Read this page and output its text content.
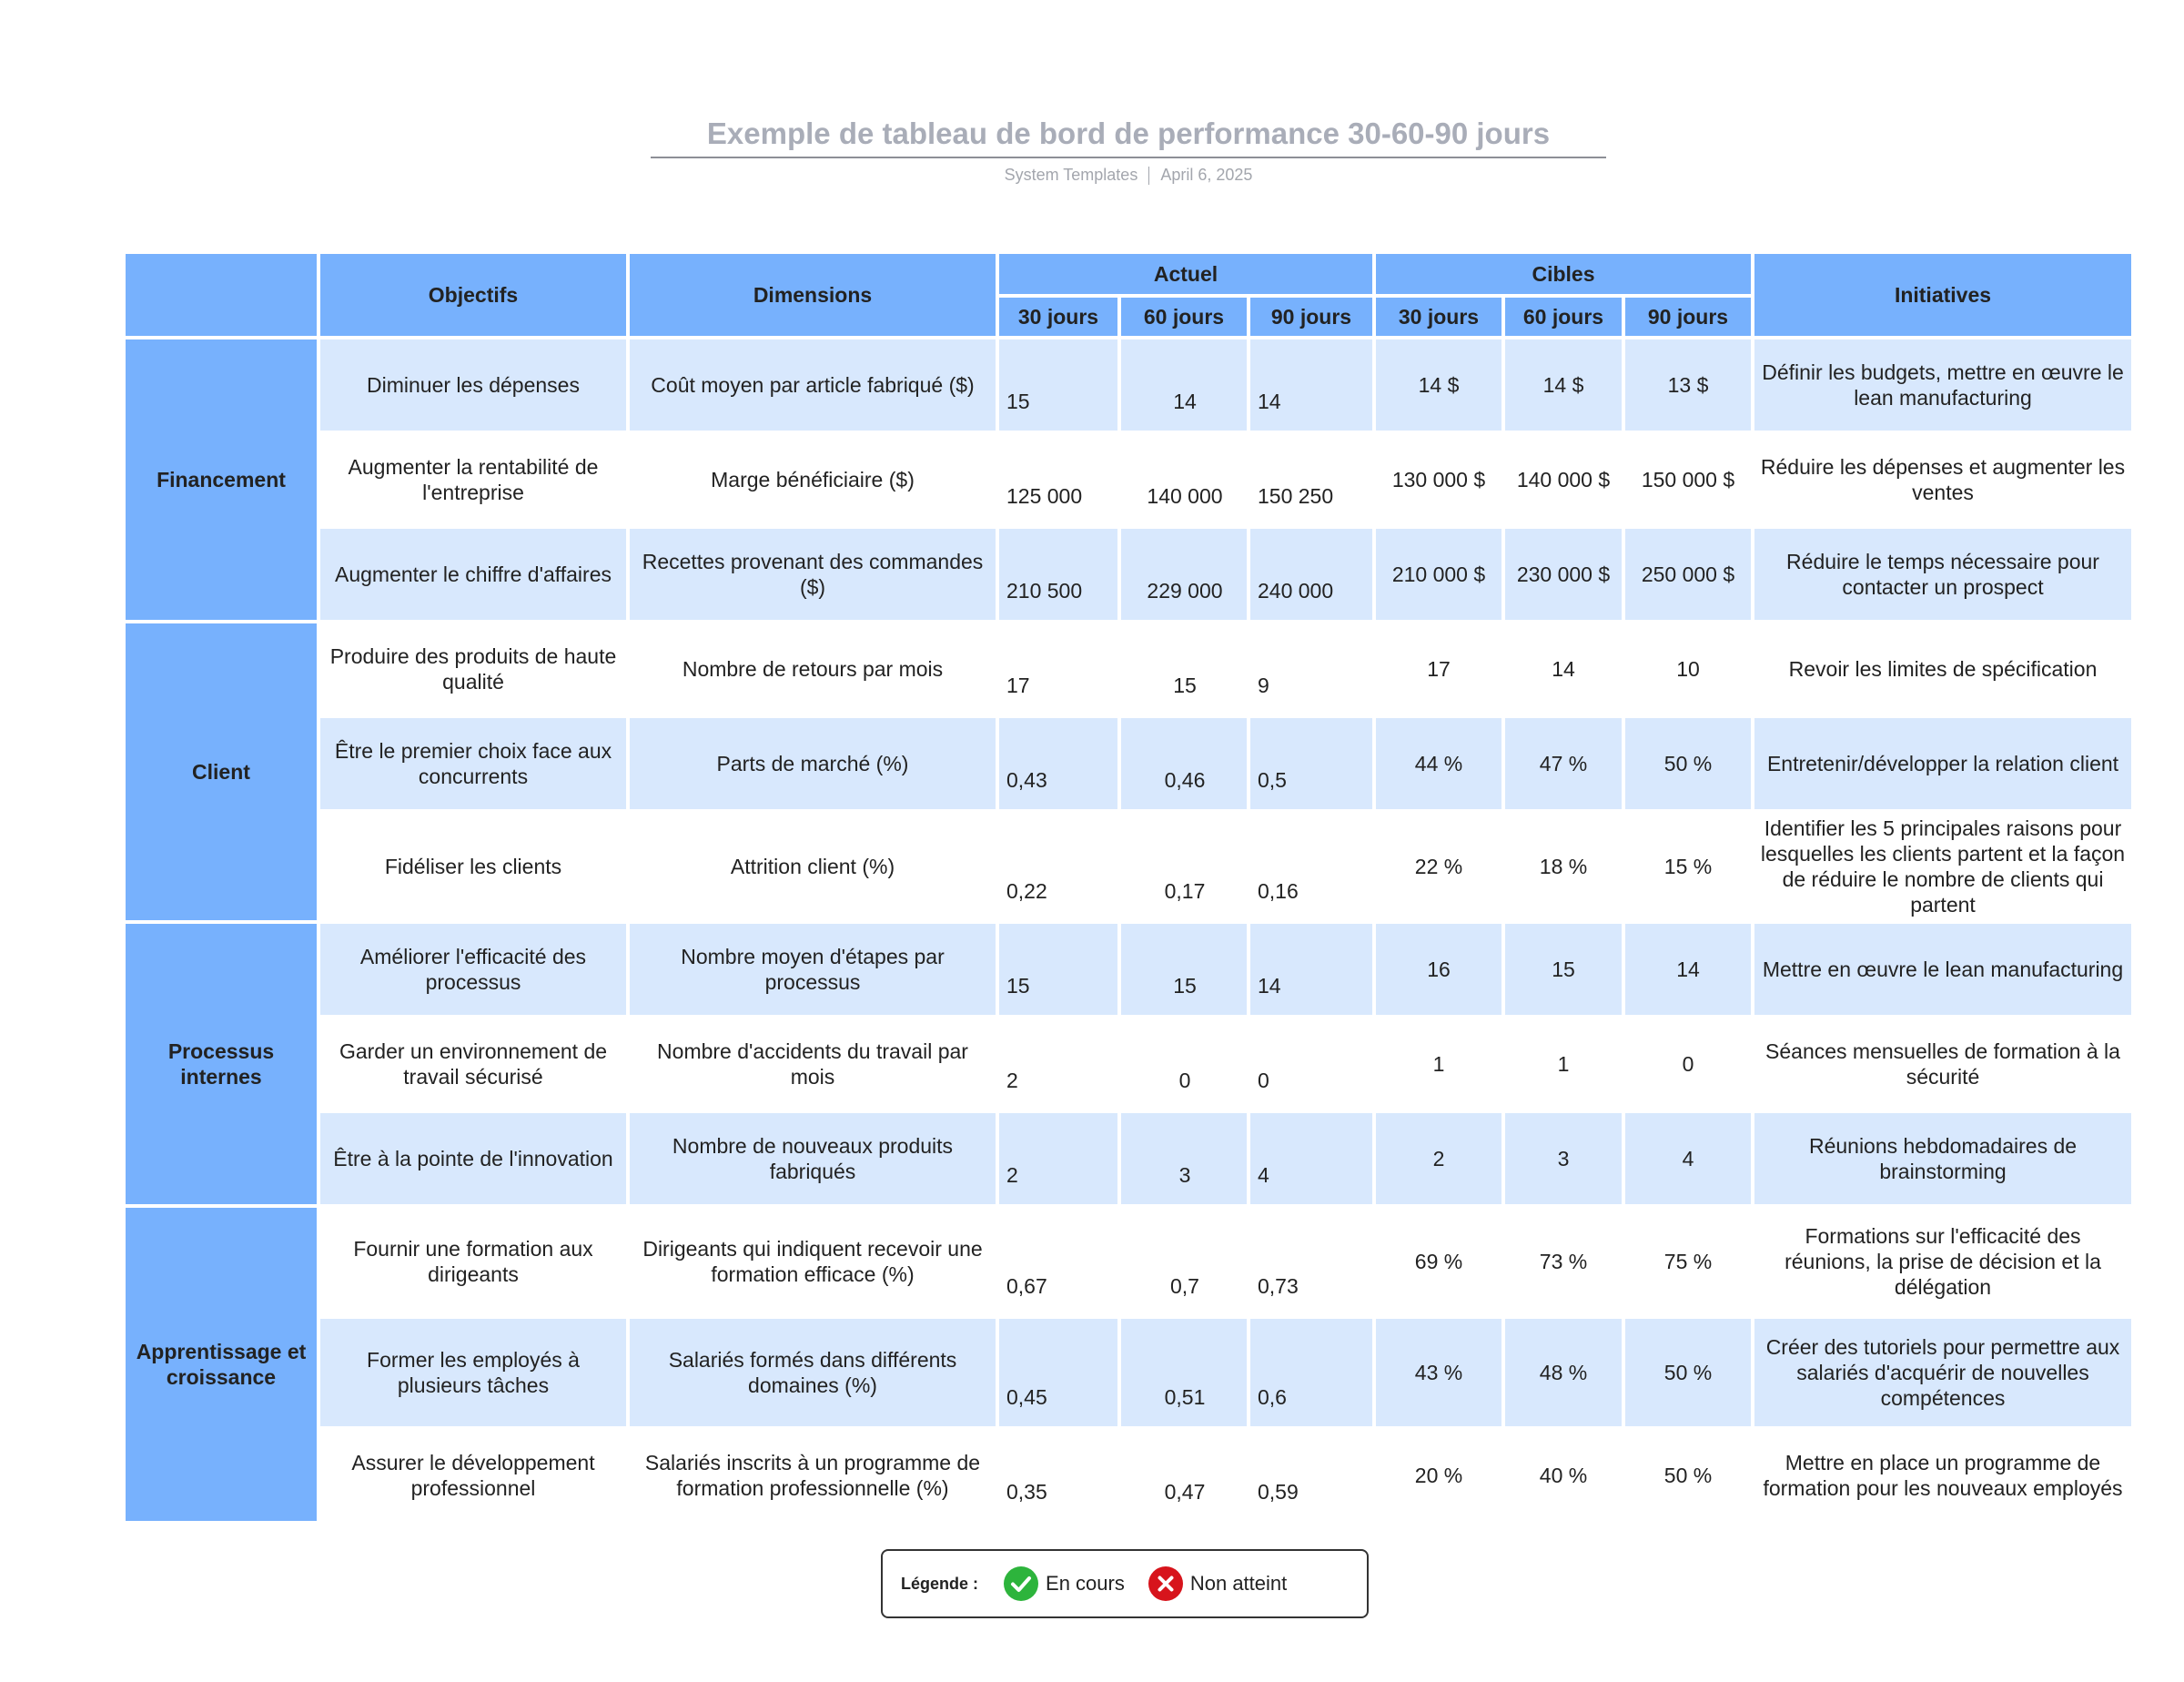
Exemple de tableau de bord de performance 30-60-90 jours
System Templates April 6, 2025
	Objectifs	Dimensions	Actuel			Cibles			Initiatives
			30 jours	60 jours	90 jours	30 jours	60 jours	90 jours	
Financement	Diminuer les dépenses	Coût moyen par article fabriqué ($)	15	14	14	14 $	14 $	13 $	Définir les budgets, mettre en œuvre le lean manufacturing
	Augmenter la rentabilité de l'entreprise	Marge bénéficiaire ($)	125 000	140 000	150 250	130 000 $	140 000 $	150 000 $	Réduire les dépenses et augmenter les ventes
	Augmenter le chiffre d'affaires	Recettes provenant des commandes ($)	210 500	229 000	240 000	210 000 $	230 000 $	250 000 $	Réduire le temps nécessaire pour contacter un prospect
Client	Produire des produits de haute qualité	Nombre de retours par mois	17	15	9	17	14	10	Revoir les limites de spécification
	Être le premier choix face aux concurrents	Parts de marché (%)	0,43	0,46	0,5	44 %	47 %	50 %	Entretenir/développer la relation client
	Fidéliser les clients	Attrition client (%)	0,22	0,17	0,16	22 %	18 %	15 %	Identifier les 5 principales raisons pour lesquelles les clients partent et la façon de réduire le nombre de clients qui partent
Processus internes	Améliorer l'efficacité des processus	Nombre moyen d'étapes par processus	15	15	14	16	15	14	Mettre en œuvre le lean manufacturing
	Garder un environnement de travail sécurisé	Nombre d'accidents du travail par mois	2	0	0	1	1	0	Séances mensuelles de formation à la sécurité
	Être à la pointe de l'innovation	Nombre de nouveaux produits fabriqués	2	3	4	2	3	4	Réunions hebdomadaires de brainstorming
Apprentissage et croissance	Fournir une formation aux dirigeants	Dirigeants qui indiquent recevoir une formation efficace (%)	0,67	0,7	0,73	69 %	73 %	75 %	Formations sur l'efficacité des réunions, la prise de décision et la délégation
	Former les employés à plusieurs tâches	Salariés formés dans différents domaines (%)	0,45	0,51	0,6	43 %	48 %	50 %	Créer des tutoriels pour permettre aux salariés d'acquérir de nouvelles compétences
	Assurer le développement professionnel	Salariés inscrits à un programme de formation professionnelle (%)	0,35	0,47	0,59	20 %	40 %	50 %	Mettre en place un programme de formation pour les nouveaux employés
Légende :	En cours	Non atteint
